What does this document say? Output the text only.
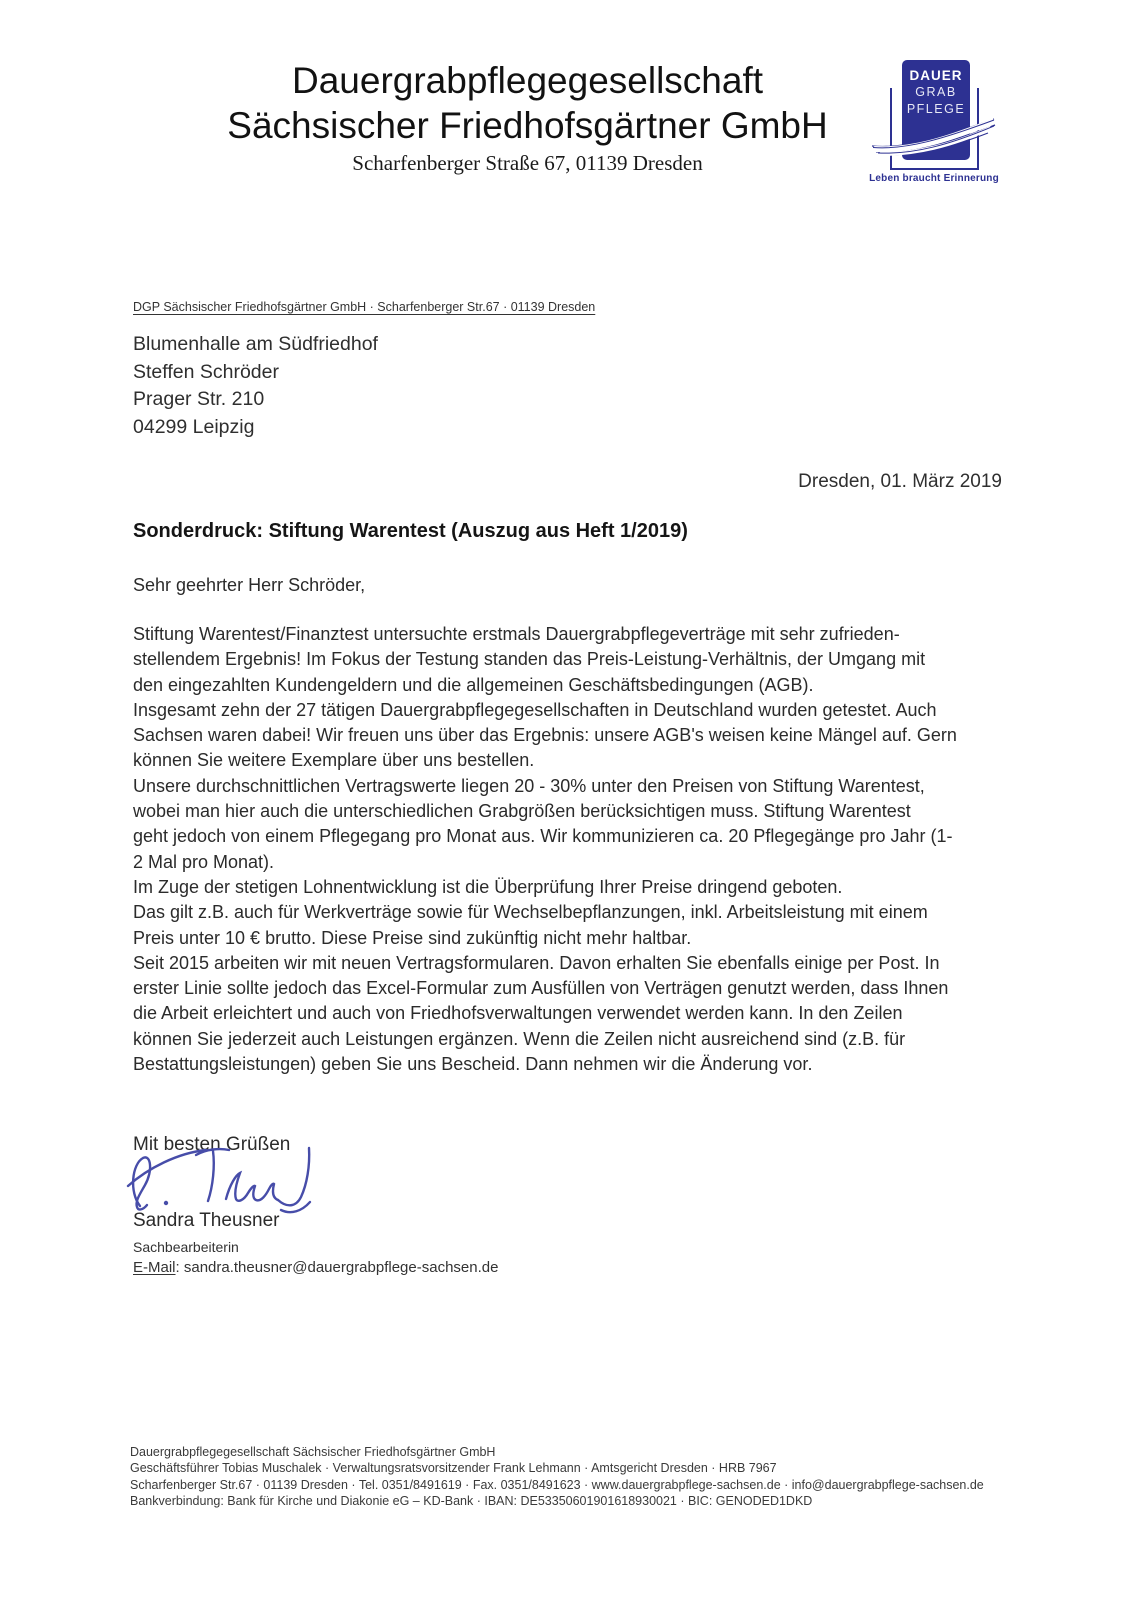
Dauergrabpflegegesellschaft
Sächsischer Friedhofsgärtner GmbH
Scharfenberger Straße 67, 01139 Dresden
DAUER
GRAB
PFLEGE
Leben braucht Erinnerung
DGP Sächsischer Friedhofsgärtner GmbH · Scharfenberger Str.67 · 01139 Dresden
Blumenhalle am Südfriedhof
Steffen Schröder
Prager Str. 210
04299 Leipzig
Dresden, 01. März 2019
Sonderdruck: Stiftung Warentest (Auszug aus Heft 1/2019)
Sehr geehrter Herr Schröder,
Stiftung Warentest/Finanztest untersuchte erstmals Dauergrabpflegeverträge mit sehr zufrieden-
stellendem Ergebnis! Im Fokus der Testung standen das Preis-Leistung-Verhältnis, der Umgang mit
den eingezahlten Kundengeldern und die allgemeinen Geschäftsbedingungen (AGB).
Insgesamt zehn der 27 tätigen Dauergrabpflegegesellschaften in Deutschland wurden getestet. Auch
Sachsen waren dabei! Wir freuen uns über das Ergebnis: unsere AGB's weisen keine Mängel auf. Gern
können Sie weitere Exemplare über uns bestellen.
Unsere durchschnittlichen Vertragswerte liegen 20 - 30% unter den Preisen von Stiftung Warentest,
wobei man hier auch die unterschiedlichen Grabgrößen berücksichtigen muss. Stiftung Warentest
geht jedoch von einem Pflegegang pro Monat aus. Wir kommunizieren ca. 20 Pflegegänge pro Jahr (1-
2 Mal pro Monat).
Im Zuge der stetigen Lohnentwicklung ist die Überprüfung Ihrer Preise dringend geboten.
Das gilt z.B. auch für Werkverträge sowie für Wechselbepflanzungen, inkl. Arbeitsleistung mit einem
Preis unter 10 € brutto. Diese Preise sind zukünftig nicht mehr haltbar.
Seit 2015 arbeiten wir mit neuen Vertragsformularen. Davon erhalten Sie ebenfalls einige per Post. In
erster Linie sollte jedoch das Excel-Formular zum Ausfüllen von Verträgen genutzt werden, dass Ihnen
die Arbeit erleichtert und auch von Friedhofsverwaltungen verwendet werden kann. In den Zeilen
können Sie jederzeit auch Leistungen ergänzen. Wenn die Zeilen nicht ausreichend sind (z.B. für
Bestattungsleistungen) geben Sie uns Bescheid. Dann nehmen wir die Änderung vor.
Mit besten Grüßen
Sandra Theusner
Sachbearbeiterin
E-Mail: sandra.theusner@dauergrabpflege-sachsen.de
Dauergrabpflegegesellschaft Sächsischer Friedhofsgärtner GmbH
Geschäftsführer Tobias Muschalek · Verwaltungsratsvorsitzender Frank Lehmann · Amtsgericht Dresden · HRB 7967
Scharfenberger Str.67 · 01139 Dresden · Tel. 0351/8491619 · Fax. 0351/8491623 · www.dauergrabpflege-sachsen.de · info@dauergrabpflege-sachsen.de
Bankverbindung: Bank für Kirche und Diakonie eG – KD-Bank · IBAN: DE53350601901618930021 · BIC: GENODED1DKD
